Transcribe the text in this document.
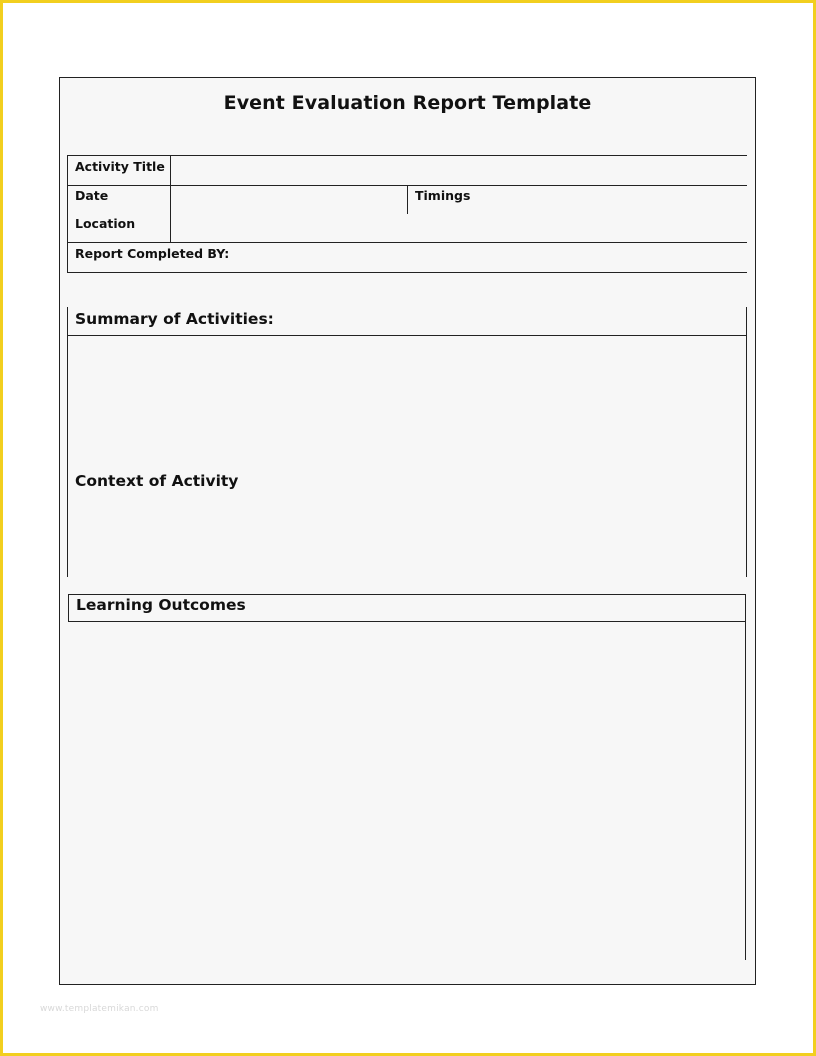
Event Evaluation Report Template
Activity Title
Date	Timings
Location
Report Completed BY:
Summary of Activities:
Context of Activity
Learning Outcomes
www.templatemikan.com
